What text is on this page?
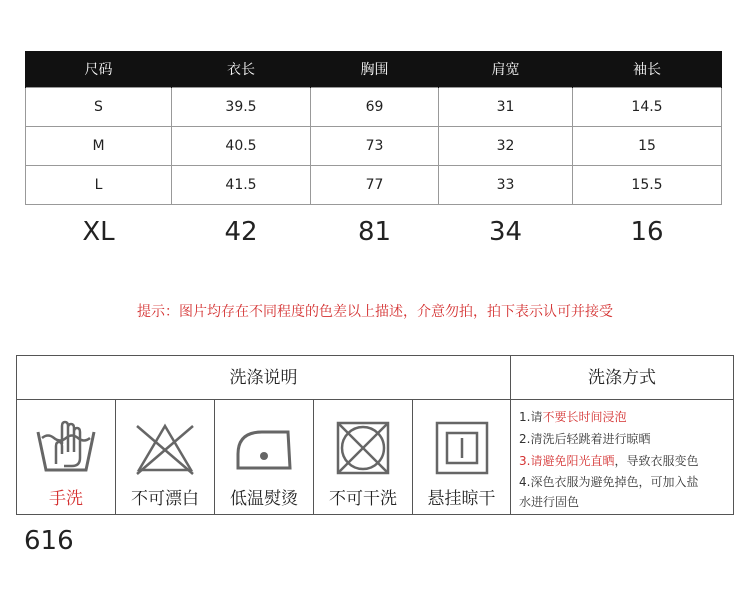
尺码	衣长	胸围	肩宽	袖长
S	39.5	69	31	14.5
M	40.5	73	32	15
L	41.5	77	33	15.5
XL	42	81	34	16
提示：图片均存在不同程度的色差以上描述，介意勿拍，拍下表示认可并接受
洗涤说明	洗涤方式
手洗	不可漂白	低温熨烫	不可干洗	悬挂晾干
1.请不要长时间浸泡
2.清洗后轻跳着进行晾晒
3.请避免阳光直晒，导致衣服变色
4.深色衣服为避免掉色，可加入盐
水进行固色
616
